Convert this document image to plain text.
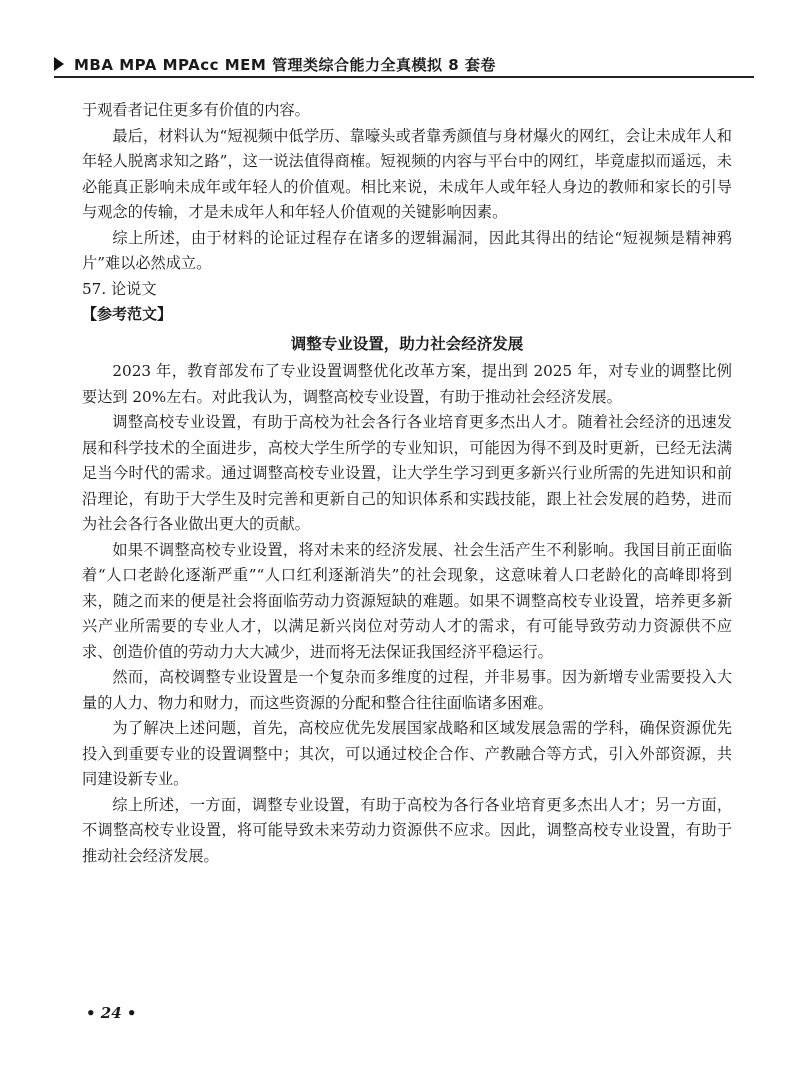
MBA MPA MPAcc MEM 管理类综合能力全真模拟 8 套卷

于观看者记住更多有价值的内容。

最后，材料认为“短视频中低学历、靠嚎头或者靠秀颜值与身材爆火的网红，会让未成年人和年轻人脱离求知之路”，这一说法值得商榷。短视频的内容与平台中的网红，毕竟虚拟而遥远，未必能真正影响未成年或年轻人的价值观。相比来说，未成年人或年轻人身边的教师和家长的引导与观念的传输，才是未成年人和年轻人价值观的关键影响因素。

综上所述，由于材料的论证过程存在诸多的逻辑漏洞，因此其得出的结论“短视频是精神鸦片”难以必然成立。

57. 论说文

【参考范文】

调整专业设置，助力社会经济发展

2023 年，教育部发布了专业设置调整优化改革方案，提出到 2025 年，对专业的调整比例要达到 20%左右。对此我认为，调整高校专业设置，有助于推动社会经济发展。

调整高校专业设置，有助于高校为社会各行各业培育更多杰出人才。随着社会经济的迅速发展和科学技术的全面进步，高校大学生所学的专业知识，可能因为得不到及时更新，已经无法满足当今时代的需求。通过调整高校专业设置，让大学生学习到更多新兴行业所需的先进知识和前沿理论，有助于大学生及时完善和更新自己的知识体系和实践技能，跟上社会发展的趋势，进而为社会各行各业做出更大的贡献。

如果不调整高校专业设置，将对未来的经济发展、社会生活产生不利影响。我国目前正面临着“人口老龄化逐渐严重”“人口红利逐渐消失”的社会现象，这意味着人口老龄化的高峰即将到来，随之而来的便是社会将面临劳动力资源短缺的难题。如果不调整高校专业设置，培养更多新兴产业所需要的专业人才，以满足新兴岗位对劳动人才的需求，有可能导致劳动力资源供不应求、创造价值的劳动力大大减少，进而将无法保证我国经济平稳运行。

然而，高校调整专业设置是一个复杂而多维度的过程，并非易事。因为新增专业需要投入大量的人力、物力和财力，而这些资源的分配和整合往往面临诸多困难。

为了解决上述问题，首先，高校应优先发展国家战略和区域发展急需的学科，确保资源优先投入到重要专业的设置调整中；其次，可以通过校企合作、产教融合等方式，引入外部资源，共同建设新专业。

综上所述，一方面，调整专业设置，有助于高校为各行各业培育更多杰出人才；另一方面，不调整高校专业设置，将可能导致未来劳动力资源供不应求。因此，调整高校专业设置，有助于推动社会经济发展。

• 24 •
